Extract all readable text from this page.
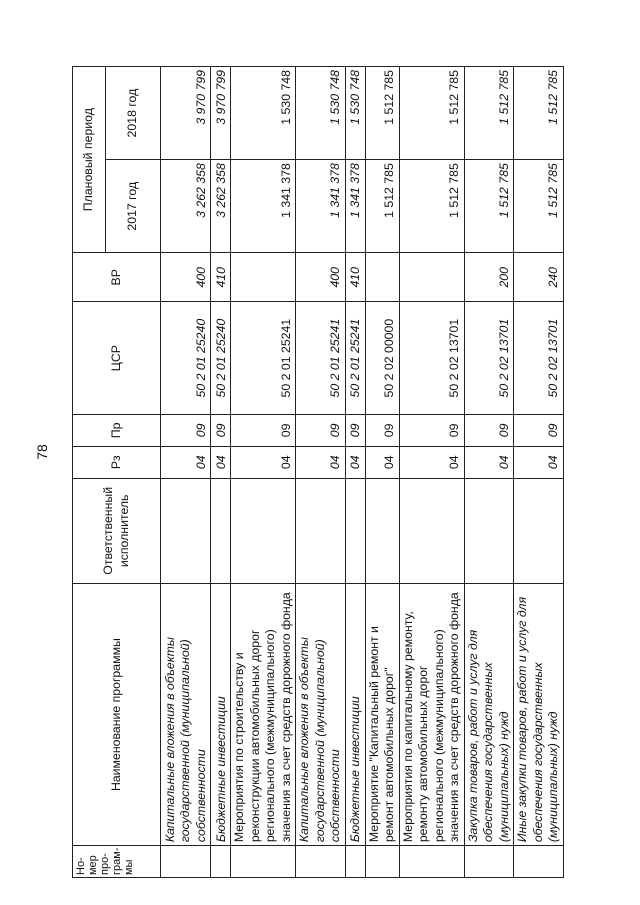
78
Но- мер про- грам- мы	Наименование программы	Ответственный исполнитель	Рз	Пр	ЦСР	ВР	Плановый период	
							2017 год	2018 год
	Капитальные вложения в объекты государственной (муниципальной) собственности		04	09	50 2 01 25240	400	3 262 358	3 970 799
	Бюджетные инвестиции		04	09	50 2 01 25240	410	3 262 358	3 970 799
	Мероприятия по строительству и реконструкции автомобильных дорог регионального (межмуниципального) значения за счет средств дорожного фонда		04	09	50 2 01 25241		1 341 378	1 530 748
	Капитальные вложения в объекты государственной (муниципальной) собственности		04	09	50 2 01 25241	400	1 341 378	1 530 748
	Бюджетные инвестиции		04	09	50 2 01 25241	410	1 341 378	1 530 748
	Мероприятие "Капитальный ремонт и ремонт автомобильных дорог"		04	09	50 2 02 00000		1 512 785	1 512 785
	Мероприятия по капитальному ремонту, ремонту автомобильных дорог регионального (межмуниципального) значения за счет средств дорожного фонда		04	09	50 2 02 13701		1 512 785	1 512 785
	Закупка товаров, работ и услуг для обеспечения государственных (муниципальных) нужд		04	09	50 2 02 13701	200	1 512 785	1 512 785
	Иные закупки товаров, работ и услуг для обеспечения государственных (муниципальных) нужд		04	09	50 2 02 13701	240	1 512 785	1 512 785
